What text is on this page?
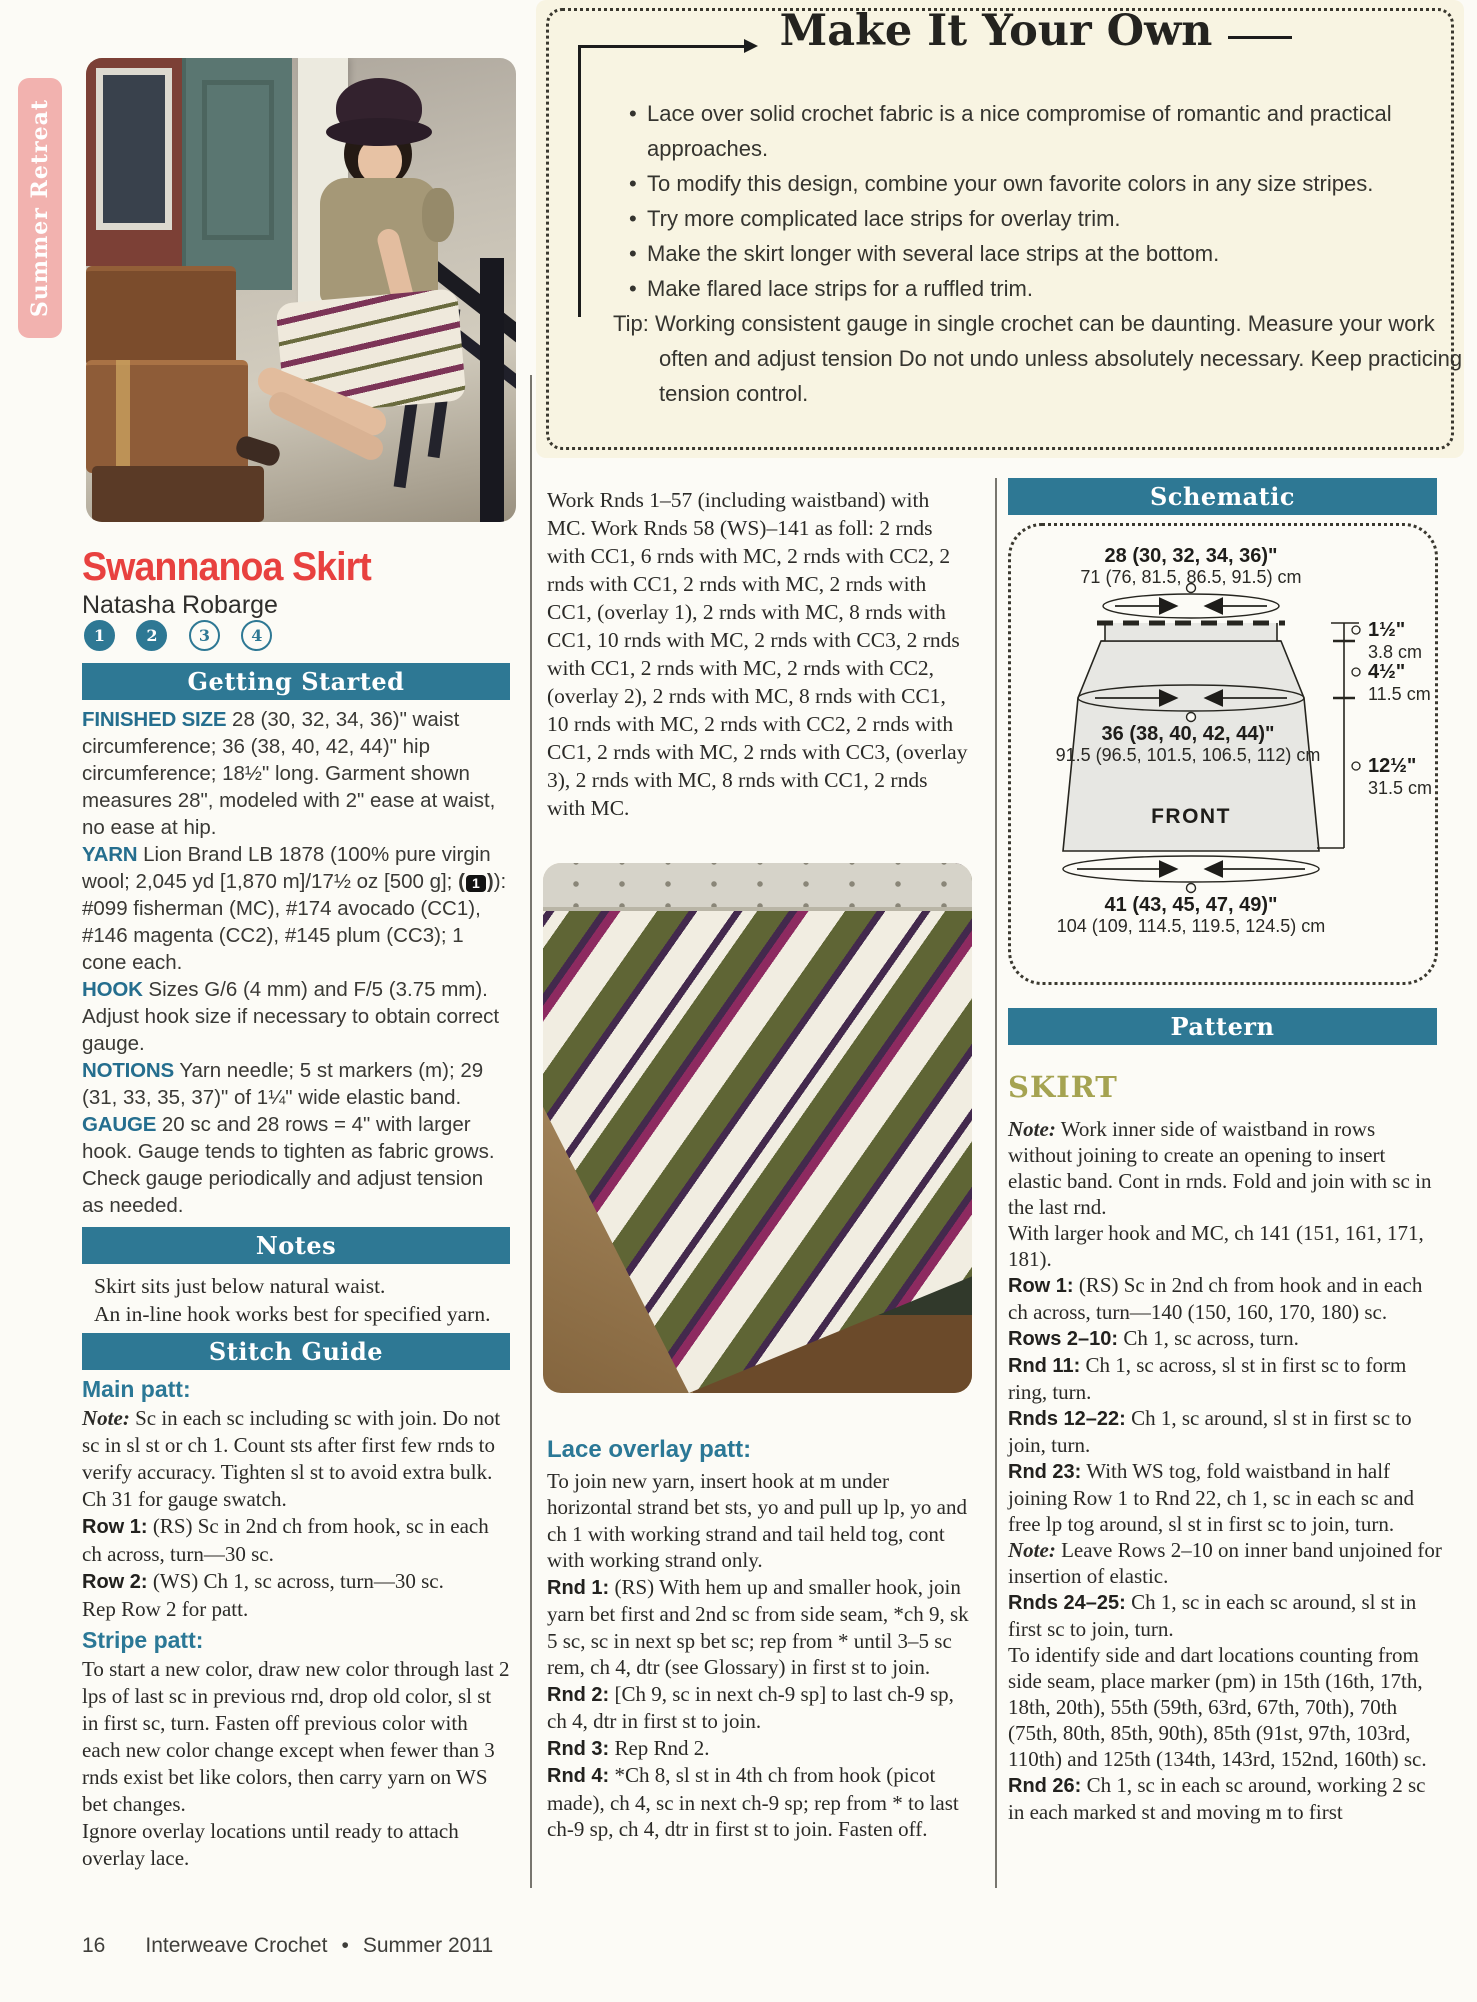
Summer Retreat
Make It Your Own
• Lace over solid crochet fabric is a nice compromise of romantic and practical approaches.
• To modify this design, combine your own favorite colors in any size stripes.
• Try more complicated lace strips for overlay trim.
• Make the skirt longer with several lace strips at the bottom.
• Make flared lace strips for a ruffled trim.

Tip: Working consistent gauge in single crochet can be daunting. Measure your work often and adjust tension Do not undo unless absolutely necessary. Keep practicing tension control.

Swannanoa Skirt
Natasha Robarge
1	2	3	4
Getting Started

FINISHED SIZE 28 (30, 32, 34, 36)" waist circumference; 36 (38, 40, 42, 44)" hip circumference; 18½" long. Garment shown measures 28", modeled with 2" ease at waist, no ease at hip.

YARN Lion Brand LB 1878 (100% pure virgin wool; 2,045 yd [1,870 m]/17½ oz [500 g]; ( 1 )): #099 fisherman (MC), #174 avocado (CC1), #146 magenta (CC2), #145 plum (CC3); 1 cone each.

HOOK Sizes G/6 (4 mm) and F/5 (3.75 mm). Adjust hook size if necessary to obtain correct gauge.

NOTIONS Yarn needle; 5 st markers (m); 29 (31, 33, 35, 37)" of 1¼" wide elastic band.

GAUGE 20 sc and 28 rows = 4" with larger hook. Gauge tends to tighten as fabric grows. Check gauge periodically and adjust tension as needed.

Notes

Skirt sits just below natural waist.

An in-line hook works best for specified yarn.

Stitch Guide
Main patt:

Note: Sc in each sc including sc with join. Do not sc in sl st or ch 1. Count sts after first few rnds to verify accuracy. Tighten sl st to avoid extra bulk.

Ch 31 for gauge swatch.

Row 1: (RS) Sc in 2nd ch from hook, sc in each ch across, turn—30 sc.

Row 2: (WS) Ch 1, sc across, turn—30 sc.

Rep Row 2 for patt.

Stripe patt:

To start a new color, draw new color through last 2 lps of last sc in previous rnd, drop old color, sl st in first sc, turn. Fasten off previous color with each new color change except when fewer than 3 rnds exist bet like colors, then carry yarn on WS bet changes.

Ignore overlay locations until ready to attach overlay lace.

Work Rnds 1–57 (including waistband) with MC. Work Rnds 58 (WS)–141 as foll: 2 rnds with CC1, 6 rnds with MC, 2 rnds with CC2, 2 rnds with CC1, 2 rnds with MC, 2 rnds with CC1, (overlay 1), 2 rnds with MC, 8 rnds with CC1, 10 rnds with MC, 2 rnds with CC3, 2 rnds with CC1, 2 rnds with MC, 2 rnds with CC2, (overlay 2), 2 rnds with MC, 8 rnds with CC1, 10 rnds with MC, 2 rnds with CC2, 2 rnds with CC1, 2 rnds with MC, 2 rnds with CC3, (overlay 3), 2 rnds with MC, 8 rnds with CC1, 2 rnds with MC.

Lace overlay patt:

To join new yarn, insert hook at m under horizontal strand bet sts, yo and pull up lp, yo and ch 1 with working strand and tail held tog, cont with working strand only.

Rnd 1: (RS) With hem up and smaller hook, join yarn bet first and 2nd sc from side seam, *ch 9, sk 5 sc, sc in next sp bet sc; rep from * until 3–5 sc rem, ch 4, dtr (see Glossary) in first st to join.

Rnd 2: [Ch 9, sc in next ch-9 sp] to last ch-9 sp, ch 4, dtr in first st to join.

Rnd 3: Rep Rnd 2.

Rnd 4: *Ch 8, sl st in 4th ch from hook (picot made), ch 4, sc in next ch-9 sp; rep from * to last ch-9 sp, ch 4, dtr in first st to join. Fasten off.

Schematic
28 (30, 32, 34, 36)"
71 (76, 81.5, 86.5, 91.5) cm
36 (38, 40, 42, 44)"
91.5 (96.5, 101.5, 106.5, 112) cm
FRONT
41 (43, 45, 47, 49)"
104 (109, 114.5, 119.5, 124.5) cm
1½"
3.8 cm
4½"
11.5 cm
12½"
31.5 cm
Pattern
SKIRT

Note: Work inner side of waistband in rows without joining to create an opening to insert elastic band. Cont in rnds. Fold and join with sc in the last rnd.

With larger hook and MC, ch 141 (151, 161, 171, 181).

Row 1: (RS) Sc in 2nd ch from hook and in each ch across, turn—140 (150, 160, 170, 180) sc.

Rows 2–10: Ch 1, sc across, turn.

Rnd 11: Ch 1, sc across, sl st in first sc to form ring, turn.

Rnds 12–22: Ch 1, sc around, sl st in first sc to join, turn.

Rnd 23: With WS tog, fold waistband in half joining Row 1 to Rnd 22, ch 1, sc in each sc and free lp tog around, sl st in first sc to join, turn. Note: Leave Rows 2–10 on inner band unjoined for insertion of elastic.

Rnds 24–25: Ch 1, sc in each sc around, sl st in first sc to join, turn.

To identify side and dart locations counting from side seam, place marker (pm) in 15th (16th, 17th, 18th, 20th), 55th (59th, 63rd, 67th, 70th), 70th (75th, 80th, 85th, 90th), 85th (91st, 97th, 103rd, 110th) and 125th (134th, 143rd, 152nd, 160th) sc.

Rnd 26: Ch 1, sc in each sc around, working 2 sc in each marked st and moving m to first

16 Interweave Crochet • Summer 2011
